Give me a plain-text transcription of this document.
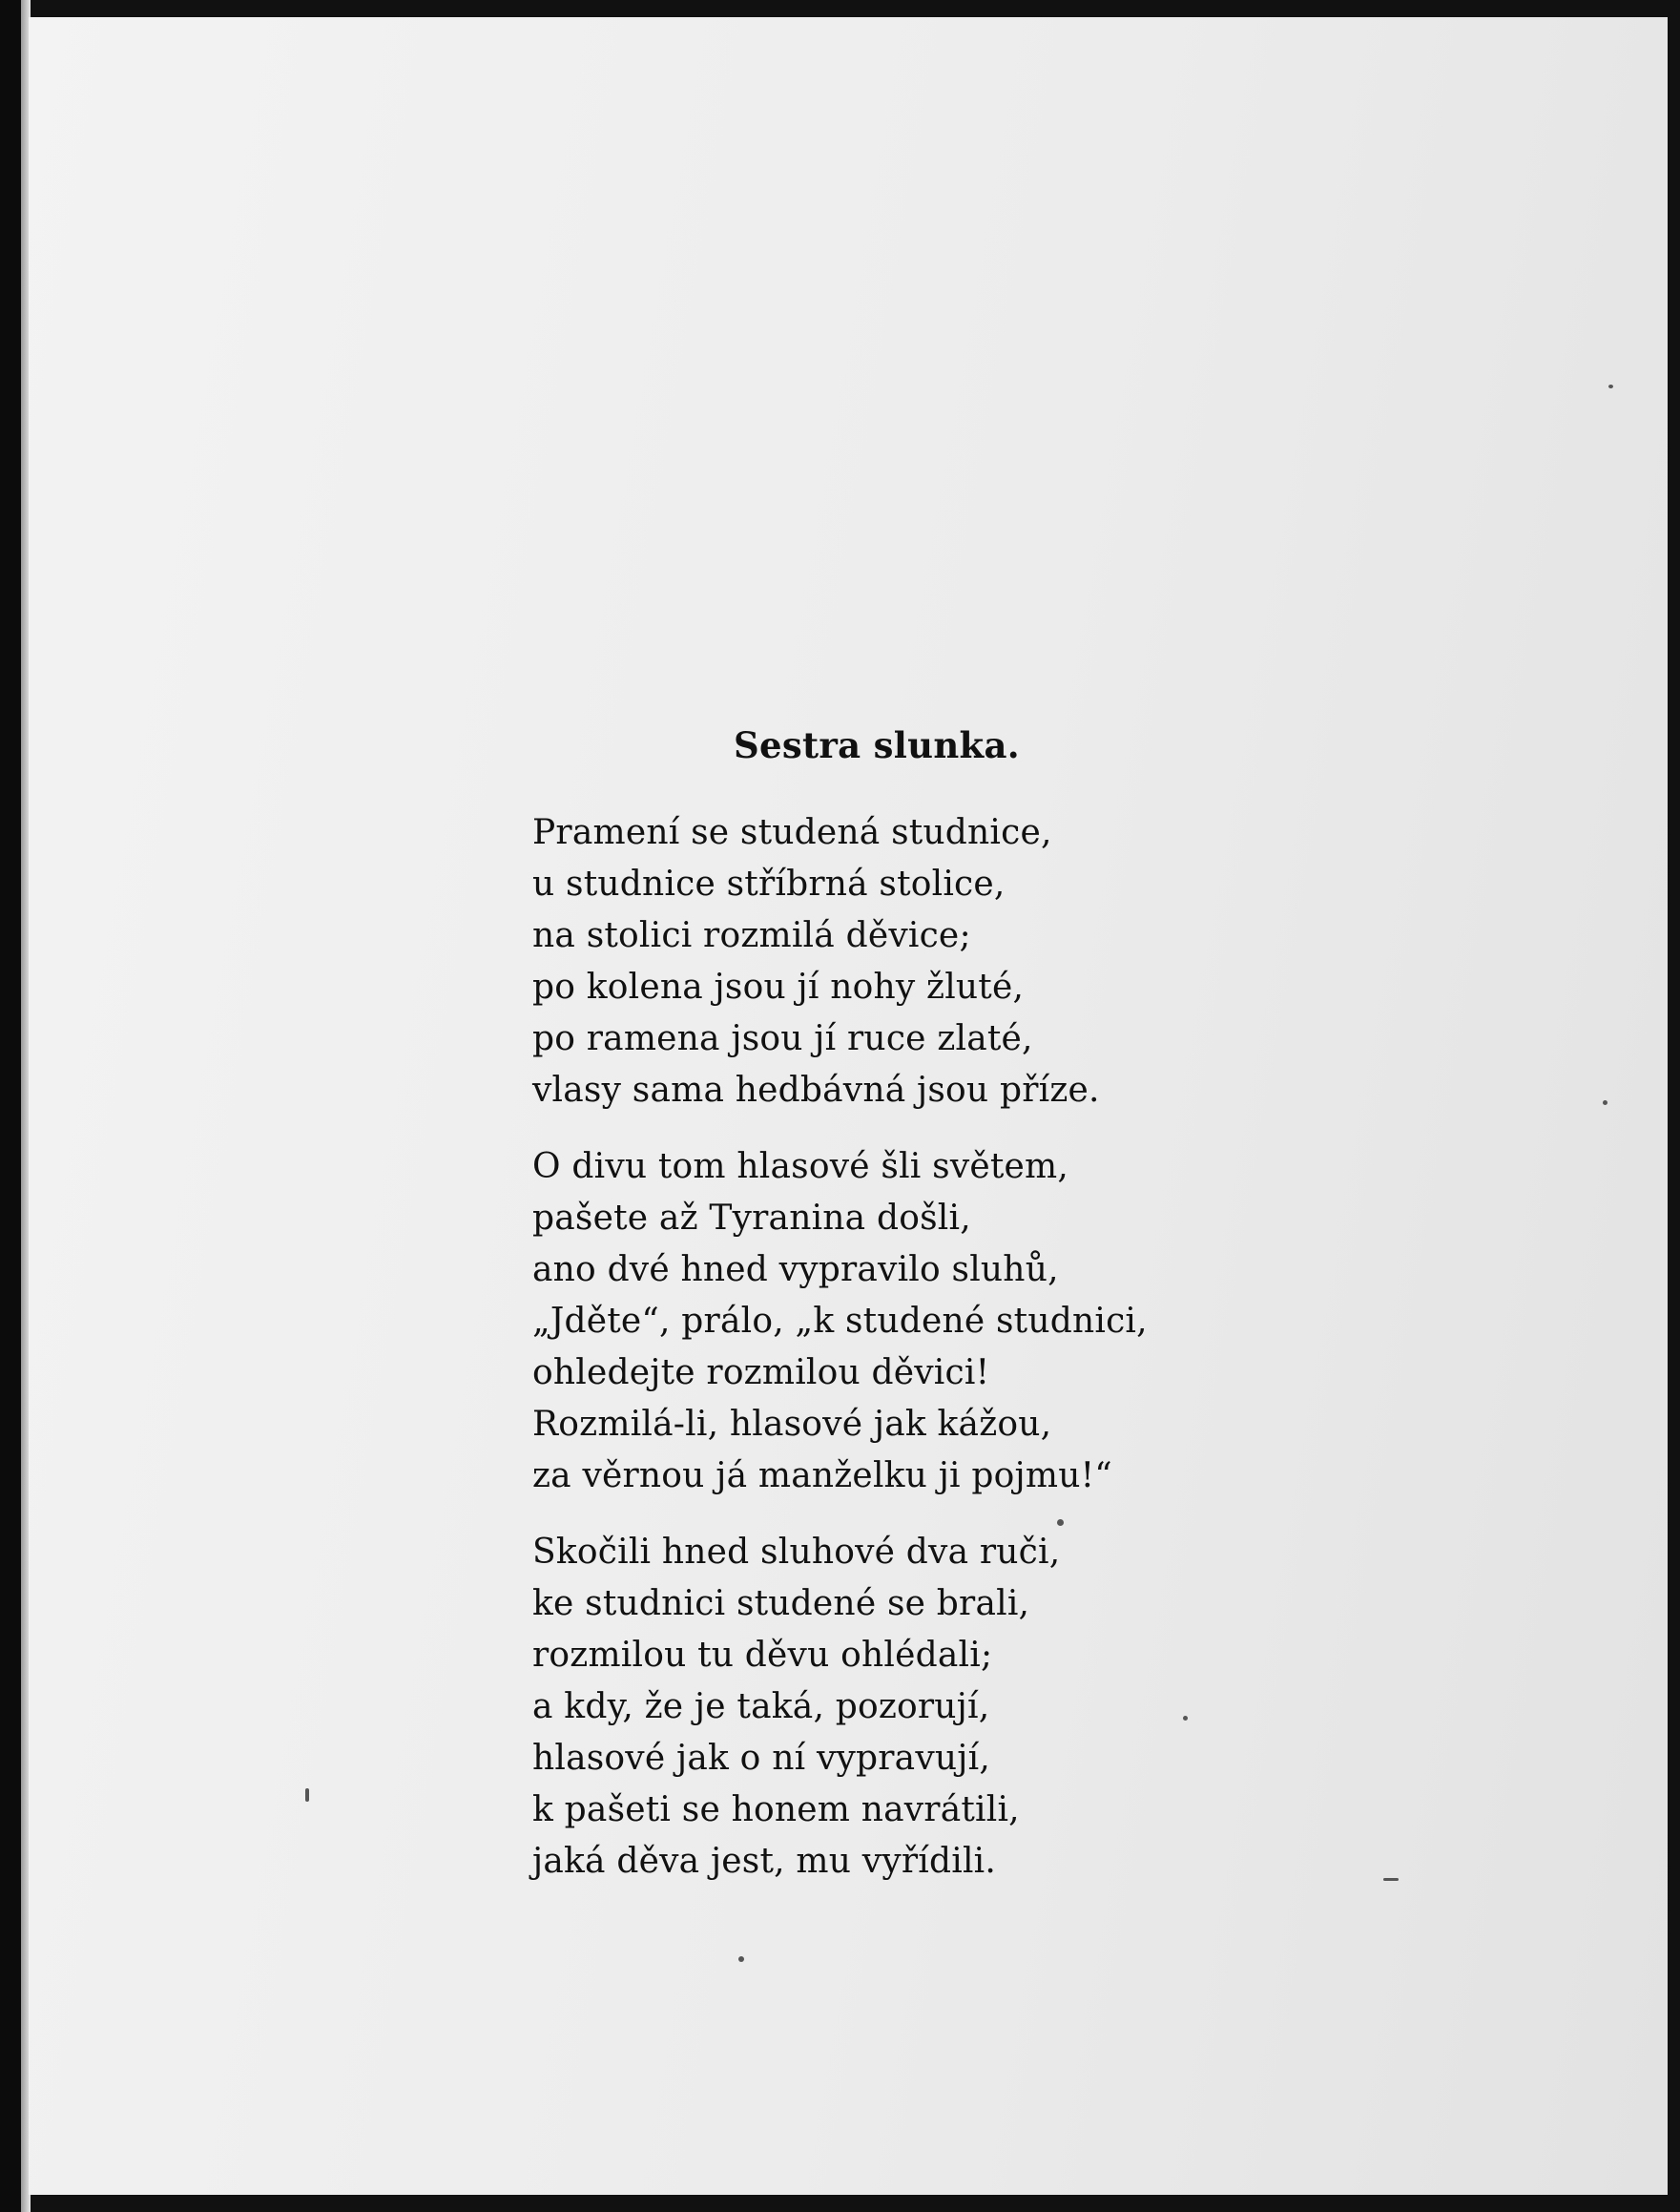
Sestra slunka.
Pramení se studená studnice,
u studnice stříbrná stolice,
na stolici rozmilá děvice;
po kolena jsou jí nohy žluté,
po ramena jsou jí ruce zlaté,
vlasy sama hedbávná jsou příze.
O divu tom hlasové šli světem,
pašete až Tyranina došli,
ano dvé hned vypravilo sluhů,
„Jděte“, prálo, „k studené studnici,
ohledejte rozmilou děvici!
Rozmilá-li, hlasové jak kážou,
za věrnou já manželku ji pojmu!“
Skočili hned sluhové dva ruči,
ke studnici studené se brali,
rozmilou tu děvu ohlédali;
a kdy, že je taká, pozorují,
hlasové jak o ní vypravují,
k pašeti se honem navrátili,
jaká děva jest, mu vyřídili.
